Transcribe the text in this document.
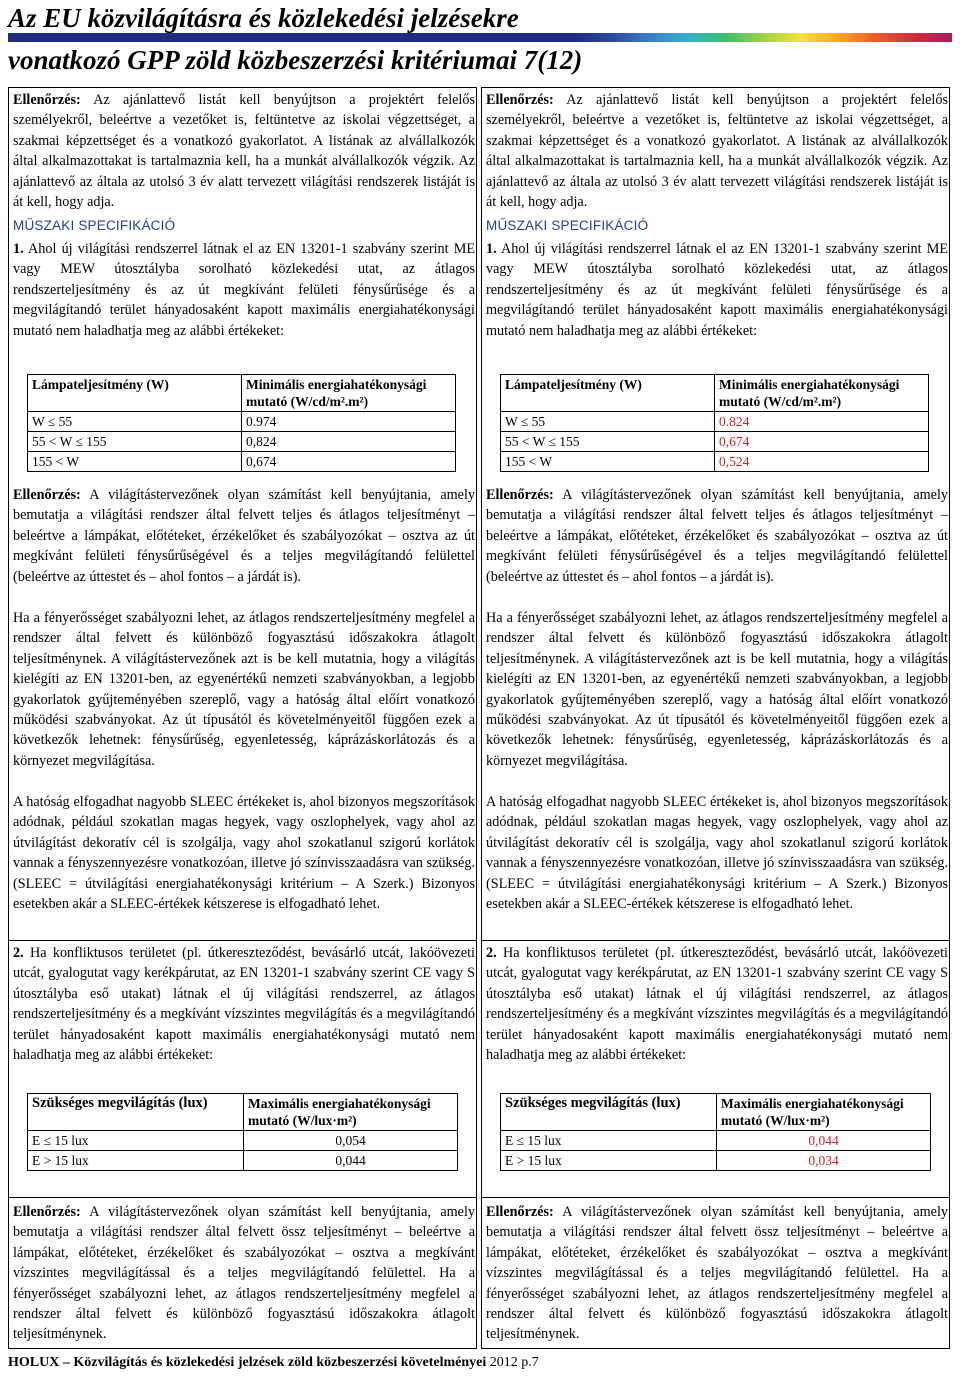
Az EU közvilágításra és közlekedési jelzésekre
vonatkozó GPP zöld közbeszerzési kritériumai 7(12)

Ellenőrzés: Az ajánlattevő listát kell benyújtson a projektért felelős személyekről, beleértve a vezetőket is, feltüntetve az iskolai végzettséget, a szakmai képzettséget és a vonatkozó gyakorlatot. A listának az alvállalkozók által alkalmazottakat is tartalmaznia kell, ha a munkát alvállalkozók végzik. Az ajánlattevő az általa az utolsó 3 év alatt tervezett világítási rendszerek listáját is át kell, hogy adja.

MŰSZAKI SPECIFIKÁCIÓ

1. Ahol új világítási rendszerrel látnak el az EN 13201-1 szabvány szerint ME vagy MEW útosztályba sorolható közlekedési utat, az átlagos rendszerteljesítmény és az út megkívánt felületi fénysűrűsége és a megvilágítandó terület hányadosaként kapott maximális energiahatékonysági mutató nem haladhatja meg az alábbi értékeket:

Lámpateljesítmény (W)	Minimális energiahatékonysági mutató (W/cd/m².m²)
W ≤ 55	0.974
55 < W ≤ 155	0,824
155 < W	0,674

Ellenőrzés: A világítástervezőnek olyan számítást kell benyújtania, amely bemutatja a világítási rendszer által felvett teljes és átlagos teljesítményt – beleértve a lámpákat, előtéteket, érzékelőket és szabályozókat – osztva az út megkívánt felületi fénysűrűségével és a teljes megvilágítandó felülettel (beleértve az úttestet és – ahol fontos – a járdát is).

Ha a fényerősséget szabályozni lehet, az átlagos rendszerteljesítmény megfelel a rendszer által felvett és különböző fogyasztású időszakokra átlagolt teljesítménynek. A világítástervezőnek azt is be kell mutatnia, hogy a világítás kielégíti az EN 13201-ben, az egyenértékű nemzeti szabványokban, a legjobb gyakorlatok gyűjteményében szereplő, vagy a hatóság által előírt vonatkozó működési szabványokat. Az út típusától és követelményeitől függően ezek a következők lehetnek: fénysűrűség, egyenletesség, káprázáskorlátozás és a környezet megvilágítása.

A hatóság elfogadhat nagyobb SLEEC értékeket is, ahol bizonyos megszorítások adódnak, például szokatlan magas hegyek, vagy oszlophelyek, vagy ahol az útvilágítást dekoratív cél is szolgálja, vagy ahol szokatlanul szigorú korlátok vannak a fényszennyezésre vonatkozóan, illetve jó színvisszaadásra van szükség. (SLEEC = útvilágítási energiahatékonysági kritérium – A Szerk.) Bizonyos esetekben akár a SLEEC-értékek kétszerese is elfogadható lehet.

2. Ha konfliktusos területet (pl. útkereszteződést, bevásárló utcát, lakóövezeti utcát, gyalogutat vagy kerékpárutat, az EN 13201-1 szabvány szerint CE vagy S útosztályba eső utakat) látnak el új világítási rendszerrel, az átlagos rendszerteljesítmény és a megkívánt vízszintes megvilágítás és a megvilágítandó terület hányadosaként kapott maximális energiahatékonysági mutató nem haladhatja meg az alábbi értékeket:

Szükséges megvilágítás (lux)	Maximális energiahatékonysági mutató (W/lux·m²)
E ≤ 15 lux	0,054
E > 15 lux	0,044

Ellenőrzés: A világítástervezőnek olyan számítást kell benyújtania, amely bemutatja a világítási rendszer által felvett össz teljesítményt – beleértve a lámpákat, előtéteket, érzékelőket és szabályozókat – osztva a megkívánt vízszintes megvilágítással és a teljes megvilágítandó felülettel. Ha a fényerősséget szabályozni lehet, az átlagos rendszerteljesítmény megfelel a rendszer által felvett és különböző fogyasztású időszakokra átlagolt teljesítménynek.

Ellenőrzés: Az ajánlattevő listát kell benyújtson a projektért felelős személyekről, beleértve a vezetőket is, feltüntetve az iskolai végzettséget, a szakmai képzettséget és a vonatkozó gyakorlatot. A listának az alvállalkozók által alkalmazottakat is tartalmaznia kell, ha a munkát alvállalkozók végzik. Az ajánlattevő az általa az utolsó 3 év alatt tervezett világítási rendszerek listáját is át kell, hogy adja.

MŰSZAKI SPECIFIKÁCIÓ

1. Ahol új világítási rendszerrel látnak el az EN 13201-1 szabvány szerint ME vagy MEW útosztályba sorolható közlekedési utat, az átlagos rendszerteljesítmény és az út megkívánt felületi fénysűrűsége és a megvilágítandó terület hányadosaként kapott maximális energiahatékonysági mutató nem haladhatja meg az alábbi értékeket:

Lámpateljesítmény (W)	Minimális energiahatékonysági mutató (W/cd/m².m²)
W ≤ 55	0.824
55 < W ≤ 155	0,674
155 < W	0,524

Ellenőrzés: A világítástervezőnek olyan számítást kell benyújtania, amely bemutatja a világítási rendszer által felvett teljes és átlagos teljesítményt – beleértve a lámpákat, előtéteket, érzékelőket és szabályozókat – osztva az út megkívánt felületi fénysűrűségével és a teljes megvilágítandó felülettel (beleértve az úttestet és – ahol fontos – a járdát is).

Ha a fényerősséget szabályozni lehet, az átlagos rendszerteljesítmény megfelel a rendszer által felvett és különböző fogyasztású időszakokra átlagolt teljesítménynek. A világítástervezőnek azt is be kell mutatnia, hogy a világítás kielégíti az EN 13201-ben, az egyenértékű nemzeti szabványokban, a legjobb gyakorlatok gyűjteményében szereplő, vagy a hatóság által előírt vonatkozó működési szabványokat. Az út típusától és követelményeitől függően ezek a következők lehetnek: fénysűrűség, egyenletesség, káprázáskorlátozás és a környezet megvilágítása.

A hatóság elfogadhat nagyobb SLEEC értékeket is, ahol bizonyos megszorítások adódnak, például szokatlan magas hegyek, vagy oszlophelyek, vagy ahol az útvilágítást dekoratív cél is szolgálja, vagy ahol szokatlanul szigorú korlátok vannak a fényszennyezésre vonatkozóan, illetve jó színvisszaadásra van szükség. (SLEEC = útvilágítási energiahatékonysági kritérium – A Szerk.) Bizonyos esetekben akár a SLEEC-értékek kétszerese is elfogadható lehet.

2. Ha konfliktusos területet (pl. útkereszteződést, bevásárló utcát, lakóövezeti utcát, gyalogutat vagy kerékpárutat, az EN 13201-1 szabvány szerint CE vagy S útosztályba eső utakat) látnak el új világítási rendszerrel, az átlagos rendszerteljesítmény és a megkívánt vízszintes megvilágítás és a megvilágítandó terület hányadosaként kapott maximális energiahatékonysági mutató nem haladhatja meg az alábbi értékeket:

Szükséges megvilágítás (lux)	Maximális energiahatékonysági mutató (W/lux·m²)
E ≤ 15 lux	0,044
E > 15 lux	0,034

Ellenőrzés: A világítástervezőnek olyan számítást kell benyújtania, amely bemutatja a világítási rendszer által felvett össz teljesítményt – beleértve a lámpákat, előtéteket, érzékelőket és szabályozókat – osztva a megkívánt vízszintes megvilágítással és a teljes megvilágítandó felülettel. Ha a fényerősséget szabályozni lehet, az átlagos rendszerteljesítmény megfelel a rendszer által felvett és különböző fogyasztású időszakokra átlagolt teljesítménynek.

HOLUX – Közvilágítás és közlekedési jelzések zöld közbeszerzési követelményei 2012 p.7
